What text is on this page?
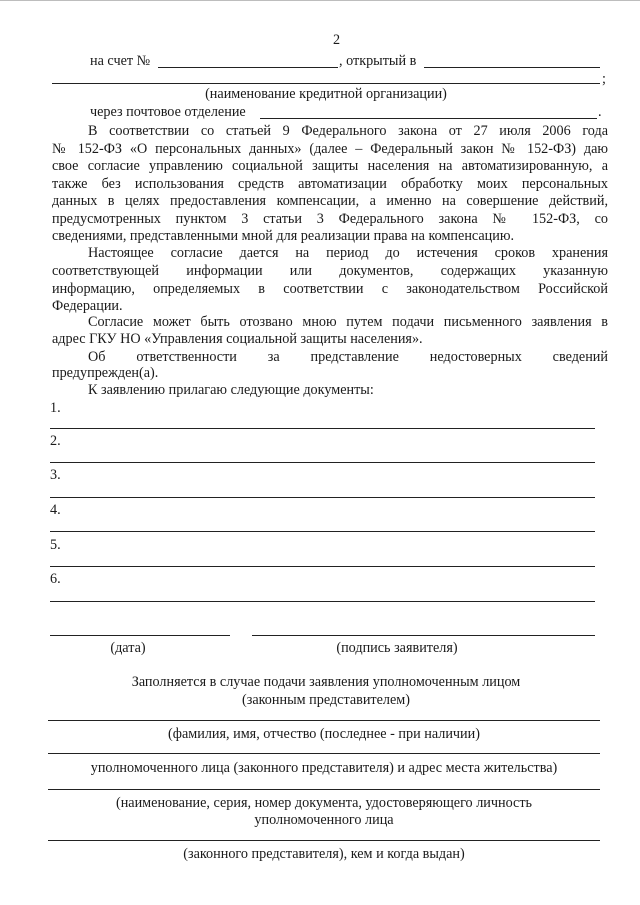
2
на счет №	, открытый в
;
(наименование кредитной организации)
через почтовое отделение	.
В соответствии со статьей 9 Федерального закона от 27 июля 2006 года
№ 152-ФЗ «О персональных данных» (далее – Федеральный закон № 152-ФЗ) даю
свое согласие управлению социальной защиты населения на автоматизированную, а
также без использования средств автоматизации обработку моих персональных
данных в целях предоставления компенсации, а именно на совершение действий,
предусмотренных пунктом 3 статьи 3 Федерального закона № 152-ФЗ, со
сведениями, представленными мной для реализации права на компенсацию.
Настоящее согласие дается на период до истечения сроков хранения
соответствующей информации или документов, содержащих указанную
информацию, определяемых в соответствии с законодательством Российской
Федерации.
Согласие может быть отозвано мною путем подачи письменного заявления в
адрес ГКУ НО «Управления социальной защиты населения».
Об ответственности за представление недостоверных сведений
предупрежден(а).
К заявлению прилагаю следующие документы:
1.
2.
3.
4.
5.
6.
(дата)	(подпись заявителя)
Заполняется в случае подачи заявления уполномоченным лицом
(законным представителем)
(фамилия, имя, отчество (последнее - при наличии)
уполномоченного лица (законного представителя) и адрес места жительства)
(наименование, серия, номер документа, удостоверяющего личность
уполномоченного лица
(законного представителя), кем и когда выдан)
